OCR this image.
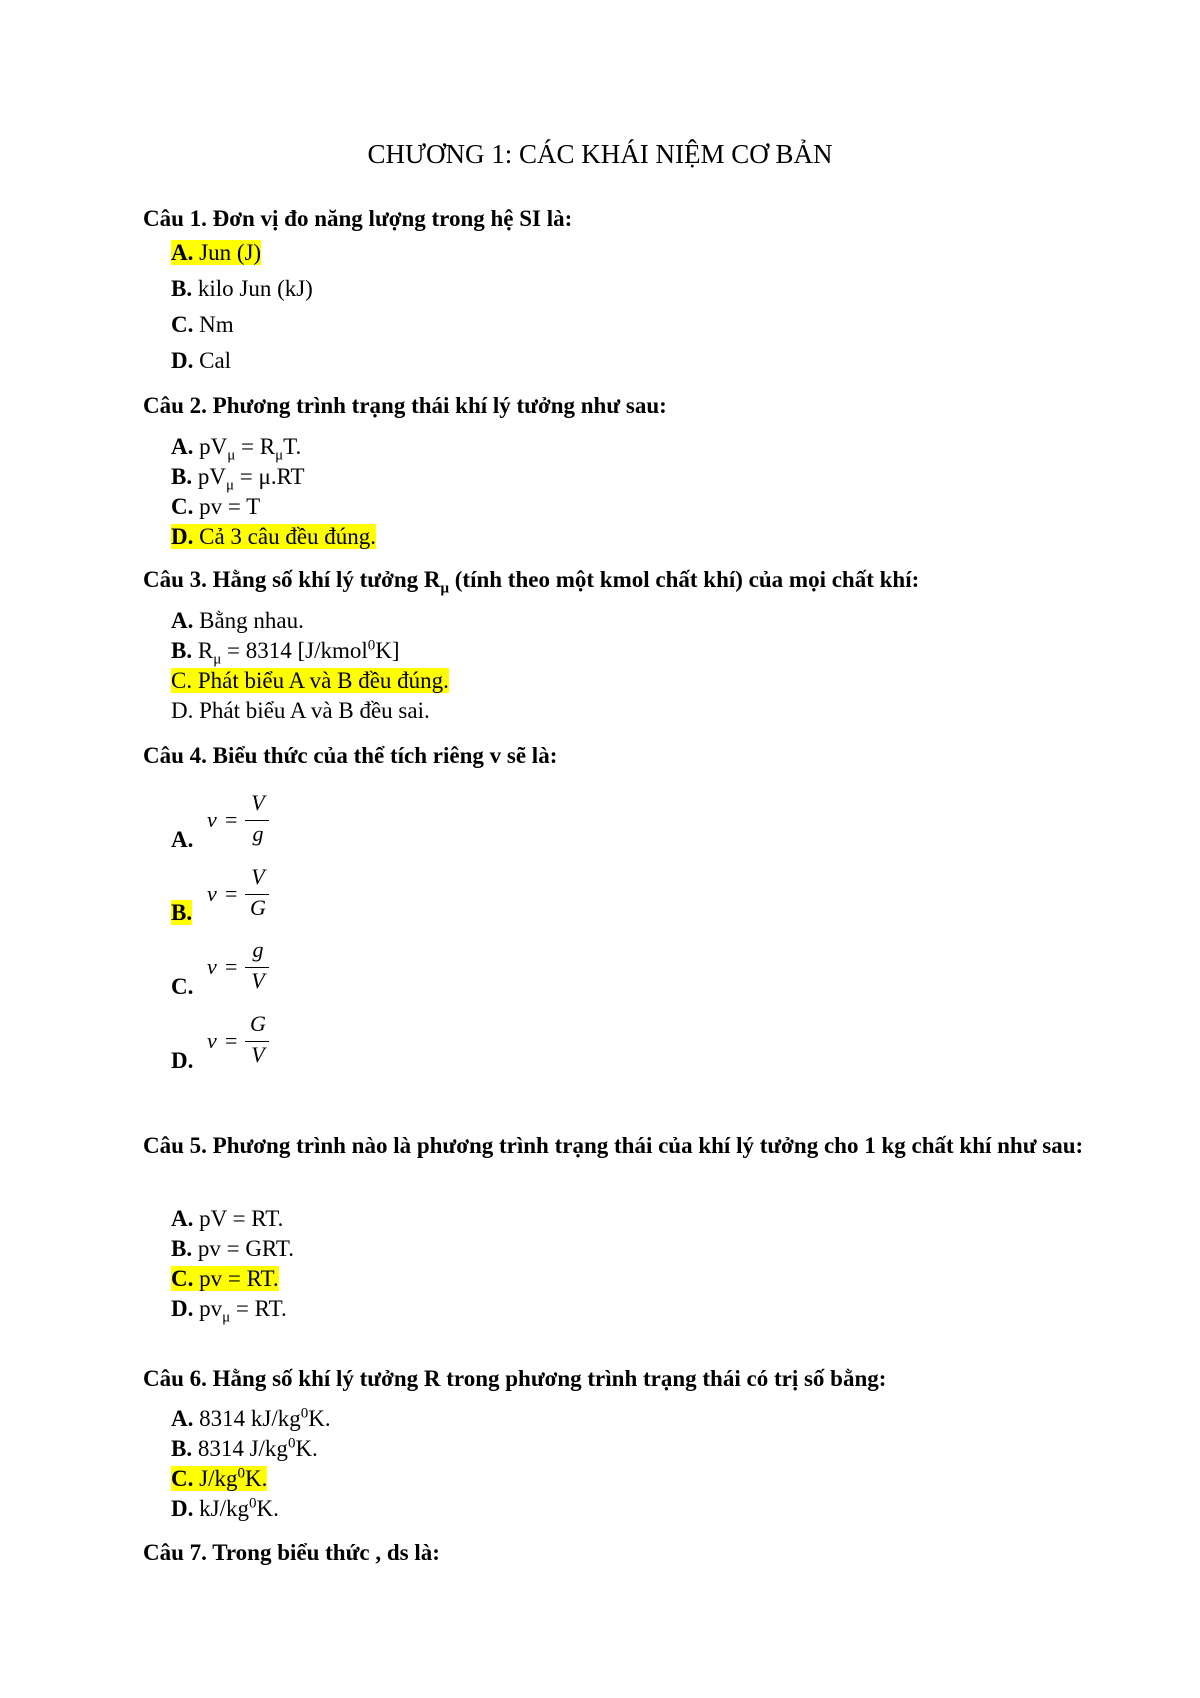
CHƯƠNG 1: CÁC KHÁI NIỆM CƠ BẢN
Câu 1. Đơn vị đo năng lượng trong hệ SI là:
A. Jun (J)
B. kilo Jun (kJ)
C. Nm
D. Cal
Câu 2. Phương trình trạng thái khí lý tưởng như sau:
A. $pV_\mu = R_\mu T$.
B. $pV_\mu = \mu.RT$
C. pv = T
D. Cả 3 câu đều đúng.
Câu 3. Hằng số khí lý tưởng $R_\mu$ (tính theo một kmol chất khí) của mọi chất khí:
A. Bằng nhau.
B. $R_\mu = 8314$ [J/kmol$^0$K]
C. Phát biểu A và B đều đúng.
D. Phát biểu A và B đều sai.
Câu 4. Biểu thức của thể tích riêng v sẽ là:
A.
v =
V
g
B.
v =
V
G
C.
v =
g
V
D.
v =
G
V
Câu 5. Phương trình nào là phương trình trạng thái của khí lý tưởng cho 1 kg chất khí như sau:
A. pV = RT.
B. pv = GRT.
C. pv = RT.
D. $pv_\mu$ = RT.
Câu 6. Hằng số khí lý tưởng R trong phương trình trạng thái có trị số bằng:
A. 8314 $kJ/kg^0K$.
B. 8314 $J/kg^0K$.
C. $J/kg^0K$.
D. $kJ/kg^0K$.
Câu 7. Trong biểu thức , ds là:
